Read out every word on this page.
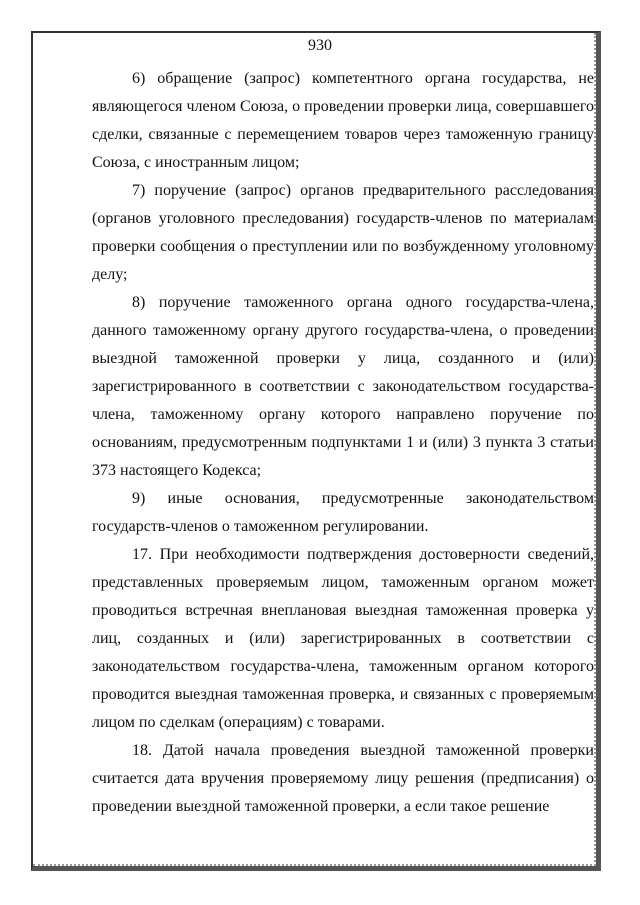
930

6) обращение (запрос) компетентного органа государства, не являющегося членом Союза, о проведении проверки лица, совершавшего сделки, связанные с перемещением товаров через таможенную границу Союза, с иностранным лицом;

7) поручение (запрос) органов предварительного расследования (органов уголовного преследования) государств-членов по материалам проверки сообщения о преступлении или по возбужденному уголовному делу;

8) поручение таможенного органа одного государства-члена, данного таможенному органу другого государства-члена, о проведении выездной таможенной проверки у лица, созданного и (или) зарегистрированного в соответствии с законодательством государства-члена, таможенному органу которого направлено поручение по основаниям, предусмотренным подпунктами 1 и (или) 3 пункта 3 статьи 373 настоящего Кодекса;

9) иные основания, предусмотренные законодательством государств-членов о таможенном регулировании.

17. При необходимости подтверждения достоверности сведений, представленных проверяемым лицом, таможенным органом может проводиться встречная внеплановая выездная таможенная проверка у лиц, созданных и (или) зарегистрированных в соответствии с законодательством государства-члена, таможенным органом которого проводится выездная таможенная проверка, и связанных с проверяемым лицом по сделкам (операциям) с товарами.

18. Датой начала проведения выездной таможенной проверки считается дата вручения проверяемому лицу решения (предписания) о проведении выездной таможенной проверки, а если такое решение
